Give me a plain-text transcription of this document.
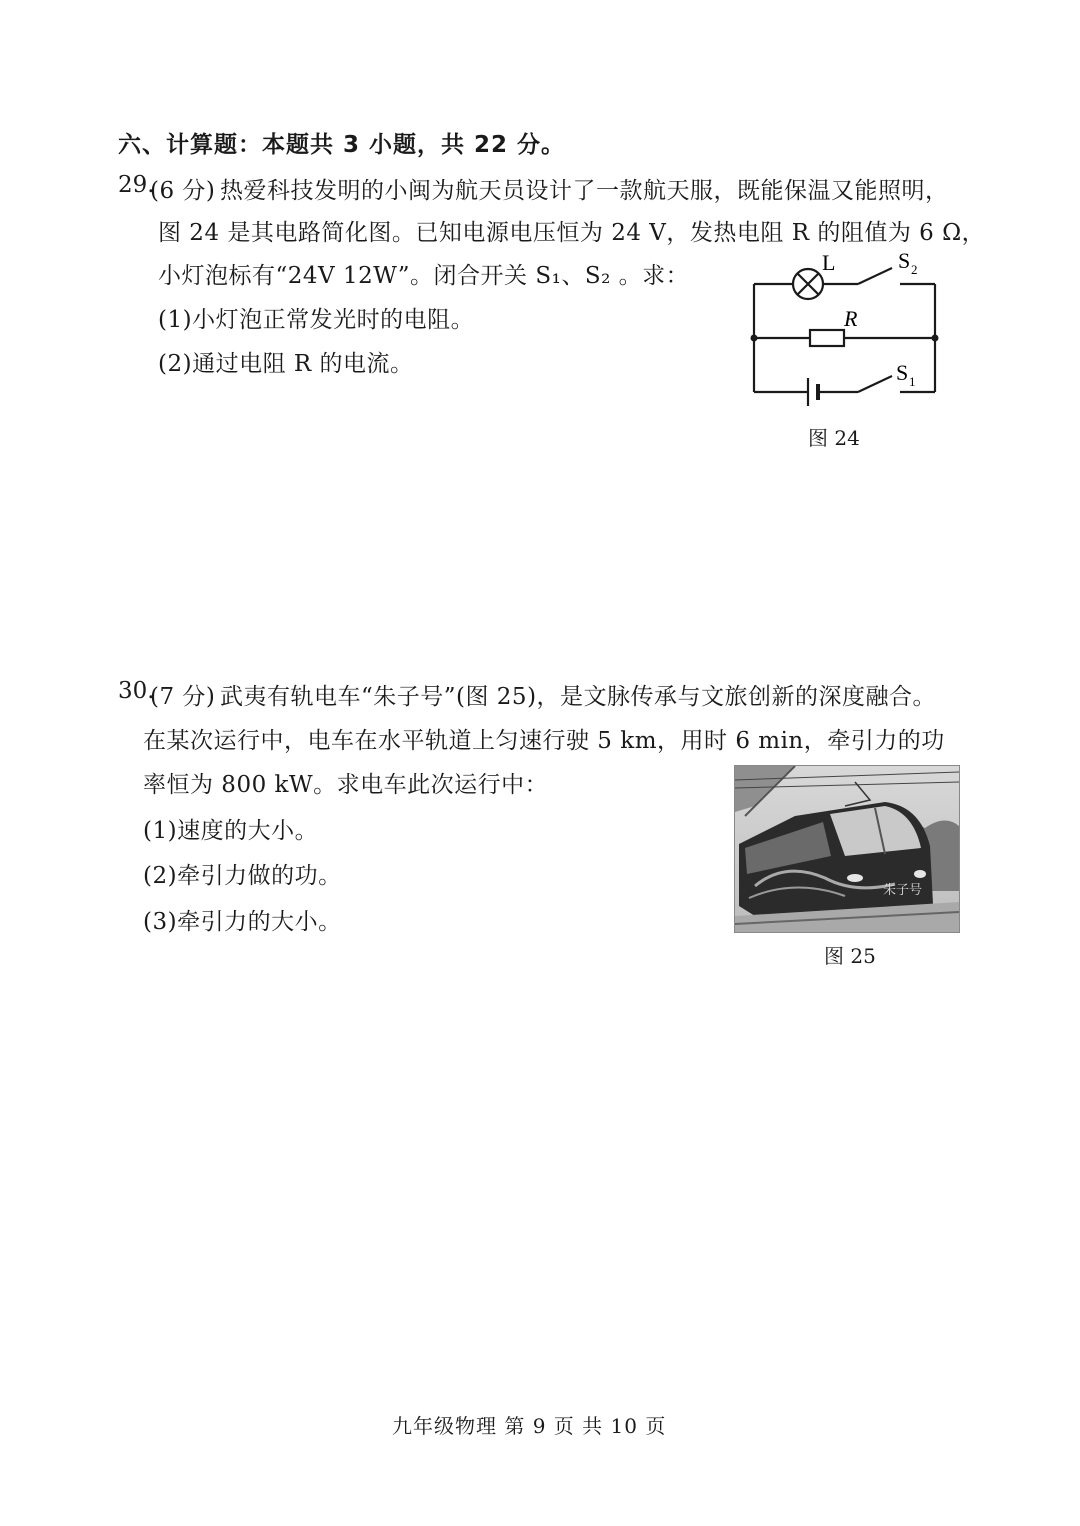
六、计算题：本题共 3 小题，共 22 分。
29.
(6 分) 热爱科技发明的小闽为航天员设计了一款航天服，既能保温又能照明，
图 24 是其电路简化图。已知电源电压恒为 24 V，发热电阻 R 的阻值为 6 Ω，
小灯泡标有“24V 12W”。闭合开关 S₁、S₂ 。求：
(1)小灯泡正常发光时的电阻。
(2)通过电阻 R 的电流。
L
R
S 2
S 1
图 24
30.
(7 分) 武夷有轨电车“朱子号”(图 25)，是文脉传承与文旅创新的深度融合。
在某次运行中，电车在水平轨道上匀速行驶 5 km，用时 6 min，牵引力的功
率恒为 800 kW。求电车此次运行中：
(1)速度的大小。
(2)牵引力做的功。
(3)牵引力的大小。
朱子号
图 25
九年级物理 第 9 页 共 10 页
